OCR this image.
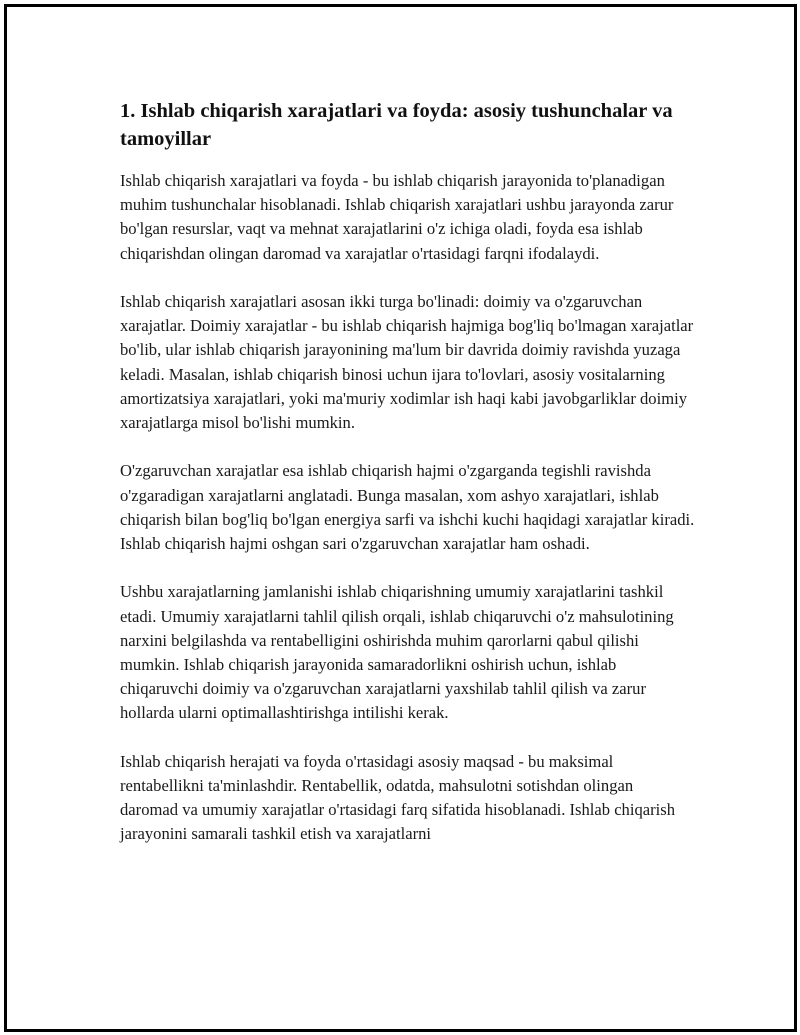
1. Ishlab chiqarish xarajatlari va foyda: asosiy tushunchalar va tamoyillar

Ishlab chiqarish xarajatlari va foyda - bu ishlab chiqarish jarayonida to'planadigan muhim tushunchalar hisoblanadi. Ishlab chiqarish xarajatlari ushbu jarayonda zarur bo'lgan resurslar, vaqt va mehnat xarajatlarini o'z ichiga oladi, foyda esa ishlab chiqarishdan olingan daromad va xarajatlar o'rtasidagi farqni ifodalaydi.

Ishlab chiqarish xarajatlari asosan ikki turga bo'linadi: doimiy va o'zgaruvchan xarajatlar. Doimiy xarajatlar - bu ishlab chiqarish hajmiga bog'liq bo'lmagan xarajatlar bo'lib, ular ishlab chiqarish jarayonining ma'lum bir davrida doimiy ravishda yuzaga keladi. Masalan, ishlab chiqarish binosi uchun ijara to'lovlari, asosiy vositalarning amortizatsiya xarajatlari, yoki ma'muriy xodimlar ish haqi kabi javobgarliklar doimiy xarajatlarga misol bo'lishi mumkin.

O'zgaruvchan xarajatlar esa ishlab chiqarish hajmi o'zgarganda tegishli ravishda o'zgaradigan xarajatlarni anglatadi. Bunga masalan, xom ashyo xarajatlari, ishlab chiqarish bilan bog'liq bo'lgan energiya sarfi va ishchi kuchi haqidagi xarajatlar kiradi. Ishlab chiqarish hajmi oshgan sari o'zgaruvchan xarajatlar ham oshadi.

Ushbu xarajatlarning jamlanishi ishlab chiqarishning umumiy xarajatlarini tashkil etadi. Umumiy xarajatlarni tahlil qilish orqali, ishlab chiqaruvchi o'z mahsulotining narxini belgilashda va rentabelligini oshirishda muhim qarorlarni qabul qilishi mumkin. Ishlab chiqarish jarayonida samaradorlikni oshirish uchun, ishlab chiqaruvchi doimiy va o'zgaruvchan xarajatlarni yaxshilab tahlil qilish va zarur hollarda ularni optimallashtirishga intilishi kerak.

Ishlab chiqarish herajati va foyda o'rtasidagi asosiy maqsad - bu maksimal rentabellikni ta'minlashdir. Rentabellik, odatda, mahsulotni sotishdan olingan daromad va umumiy xarajatlar o'rtasidagi farq sifatida hisoblanadi. Ishlab chiqarish jarayonini samarali tashkil etish va xarajatlarni
